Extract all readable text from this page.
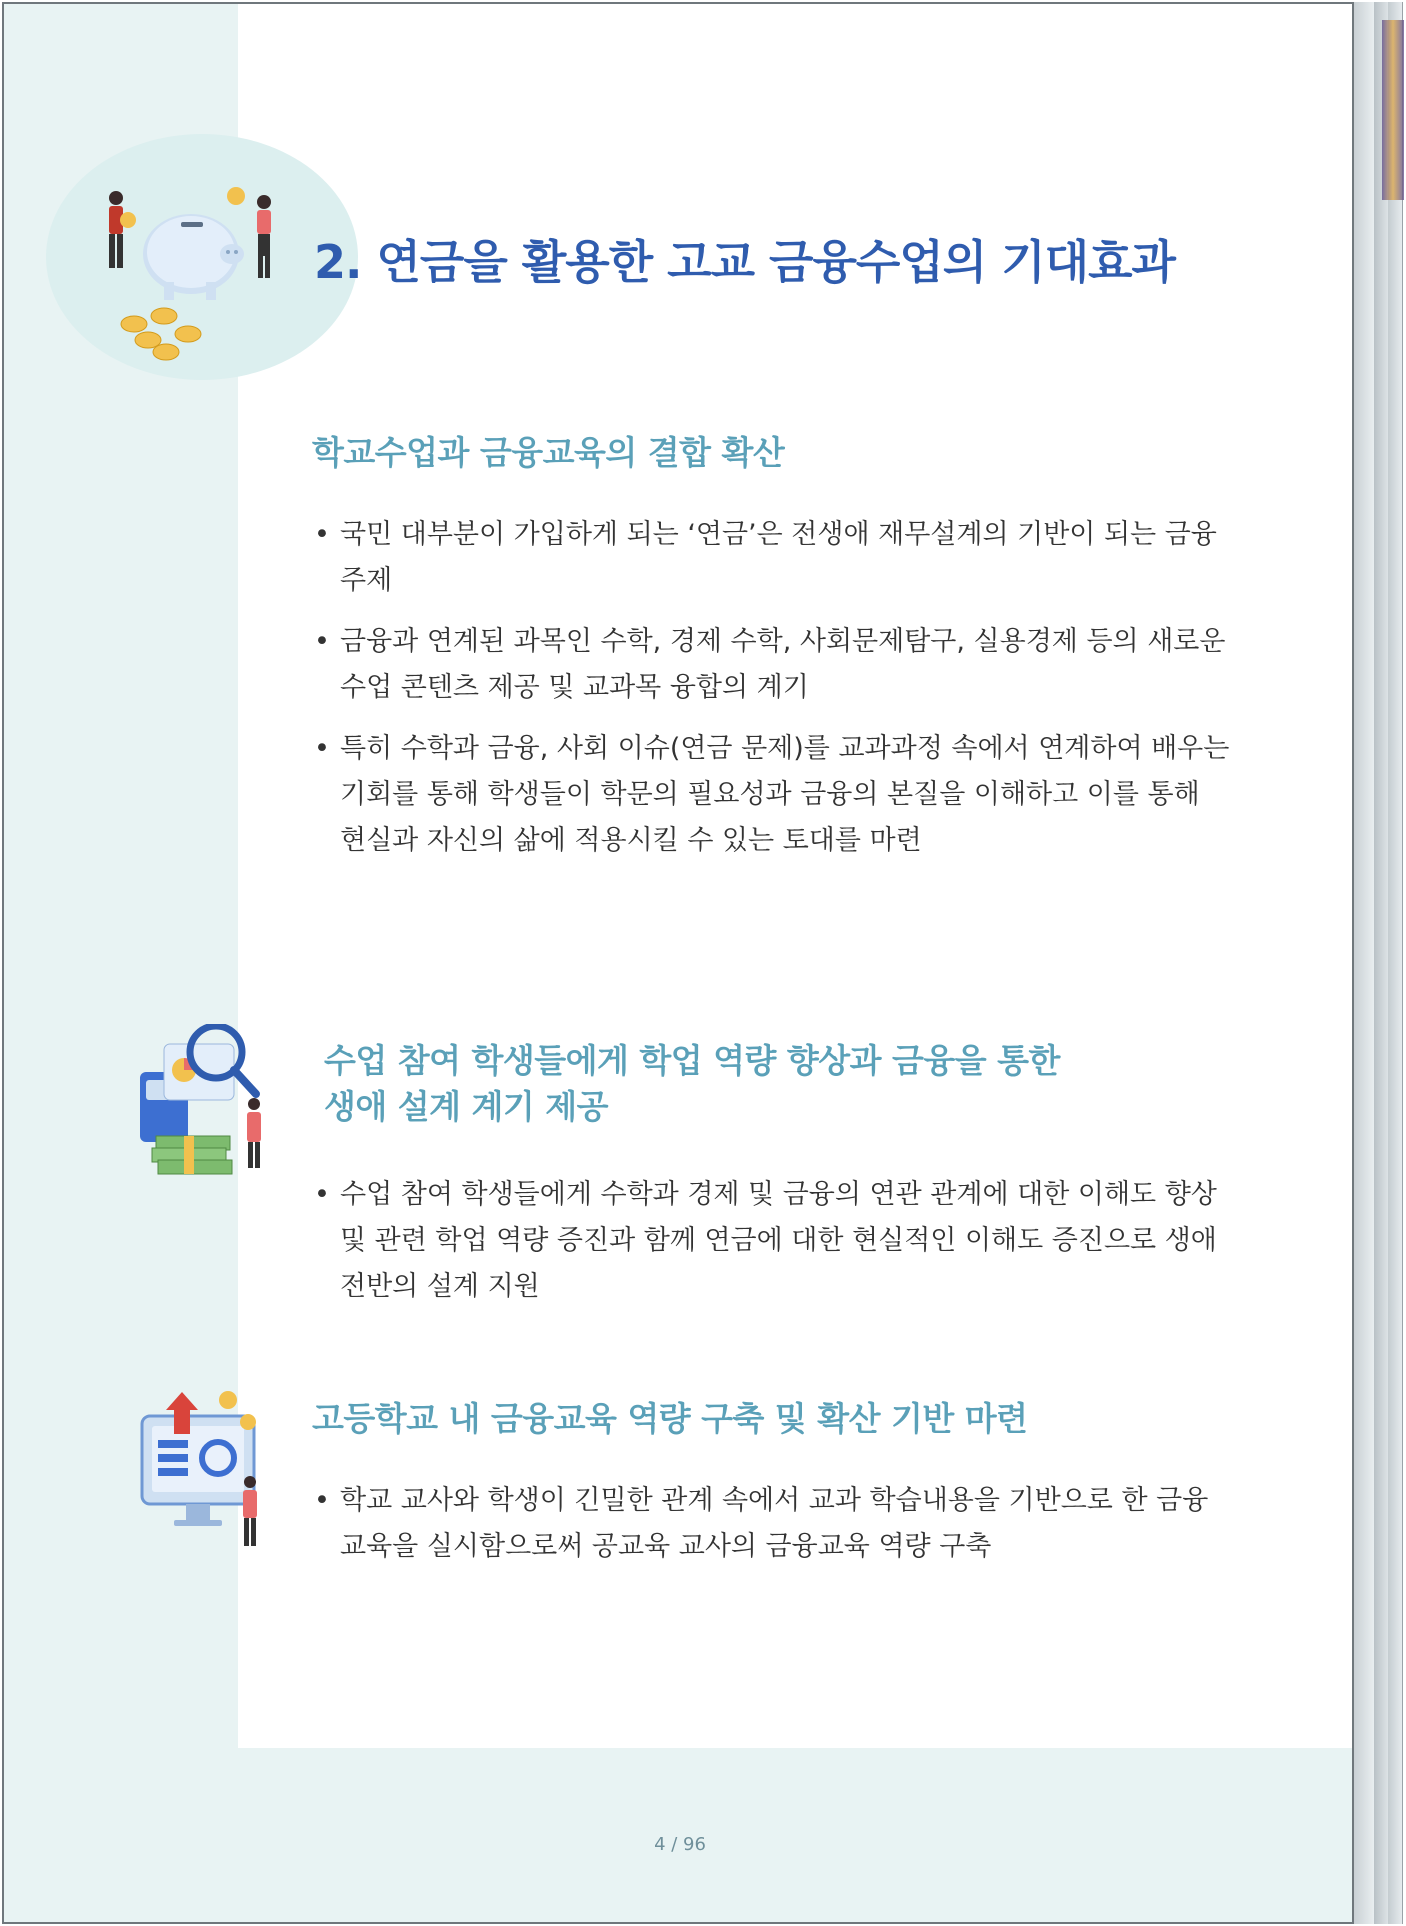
2. 연금을 활용한 고교 금융수업의 기대효과
학교수업과 금융교육의 결합 확산
• 국민 대부분이 가입하게 되는 ‘연금’은 전생애 재무설계의 기반이 되는 금융 주제
• 금융과 연계된 과목인 수학, 경제 수학, 사회문제탐구, 실용경제 등의 새로운 수업 콘텐츠 제공 및 교과목 융합의 계기
• 특히 수학과 금융, 사회 이슈(연금 문제)를 교과과정 속에서 연계하여 배우는 기회를 통해 학생들이 학문의 필요성과 금융의 본질을 이해하고 이를 통해 현실과 자신의 삶에 적용시킬 수 있는 토대를 마련
수업 참여 학생들에게 학업 역량 향상과 금융을 통한
생애 설계 계기 제공
• 수업 참여 학생들에게 수학과 경제 및 금융의 연관 관계에 대한 이해도 향상 및 관련 학업 역량 증진과 함께 연금에 대한 현실적인 이해도 증진으로 생애 전반의 설계 지원
고등학교 내 금융교육 역량 구축 및 확산 기반 마련
• 학교 교사와 학생이 긴밀한 관계 속에서 교과 학습내용을 기반으로 한 금융교육을 실시함으로써 공교육 교사의 금융교육 역량 구축
4 / 96
